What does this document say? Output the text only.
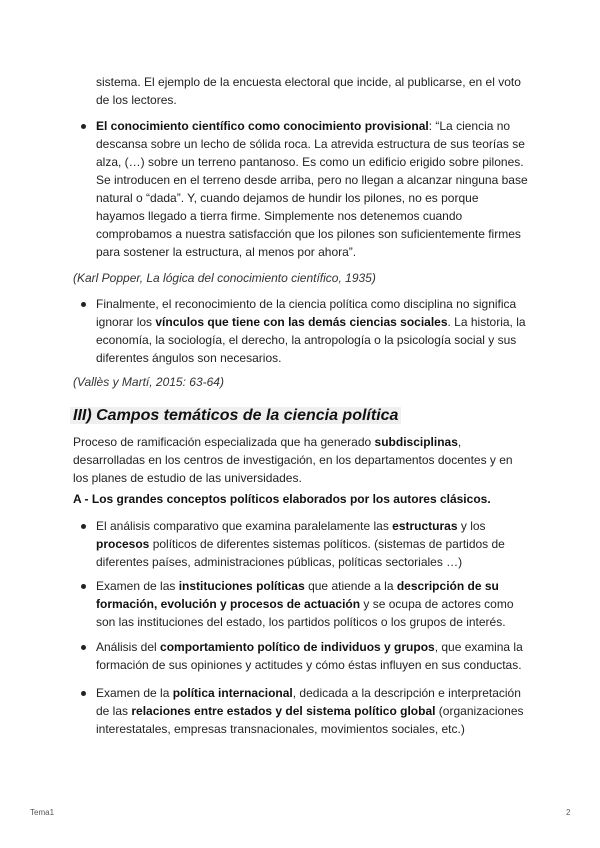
sistema. El ejemplo de la encuesta electoral que incide, al publicarse, en el voto de los lectores.

El conocimiento científico como conocimiento provisional: “La ciencia no descansa sobre un lecho de sólida roca. La atrevida estructura de sus teorías se alza, (…) sobre un terreno pantanoso. Es como un edificio erigido sobre pilones. Se introducen en el terreno desde arriba, pero no llegan a alcanzar ninguna base natural o “dada”. Y, cuando dejamos de hundir los pilones, no es porque hayamos llegado a tierra firme. Simplemente nos detenemos cuando comprobamos a nuestra satisfacción que los pilones son suficientemente firmes para sostener la estructura, al menos por ahora”.

(Karl Popper, La lógica del conocimiento científico, 1935)

Finalmente, el reconocimiento de la ciencia política como disciplina no significa ignorar los vínculos que tiene con las demás ciencias sociales. La historia, la economía, la sociología, el derecho, la antropología o la psicología social y sus diferentes ángulos son necesarios.

(Vallès y Martí, 2015: 63-64)
III) Campos temáticos de la ciencia política

Proceso de ramificación especializada que ha generado subdisciplinas, desarrolladas en los centros de investigación, en los departamentos docentes y en los planes de estudio de las universidades.

A - Los grandes conceptos políticos elaborados por los autores clásicos.

El análisis comparativo que examina paralelamente las estructuras y los procesos políticos de diferentes sistemas políticos. (sistemas de partidos de diferentes países, administraciones públicas, políticas sectoriales …)

Examen de las instituciones políticas que atiende a la descripción de su formación, evolución y procesos de actuación y se ocupa de actores como son las instituciones del estado, los partidos políticos o los grupos de interés.

Análisis del comportamiento político de individuos y grupos, que examina la formación de sus opiniones y actitudes y cómo éstas influyen en sus conductas.

Examen de la política internacional, dedicada a la descripción e interpretación de las relaciones entre estados y del sistema político global (organizaciones interestatales, empresas transnacionales, movimientos sociales, etc.)

Tema1	2
